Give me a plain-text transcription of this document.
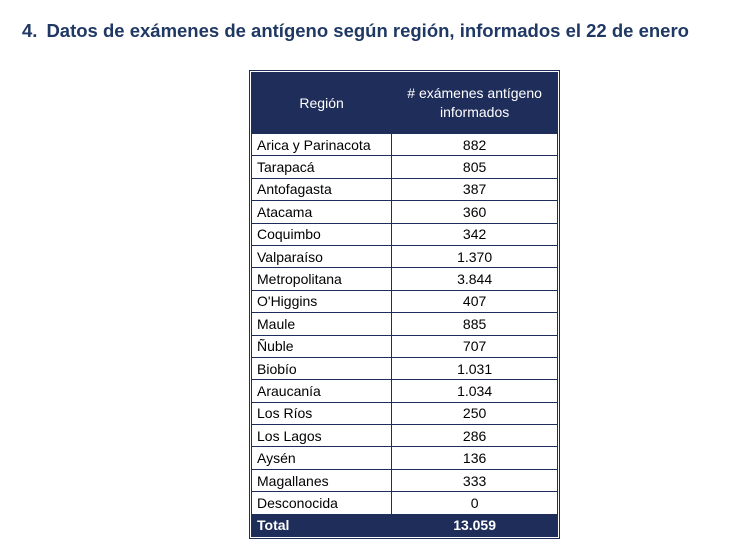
4. Datos de exámenes de antígeno según región, informados el 22 de enero
Región	# exámenes antígeno
informados

Arica y Parinacota	882
Tarapacá	805
Antofagasta	387
Atacama	360
Coquimbo	342
Valparaíso	1.370
Metropolitana	3.844
O'Higgins	407
Maule	885
Ñuble	707
Biobío	1.031
Araucanía	1.034
Los Ríos	250
Los Lagos	286
Aysén	136
Magallanes	333
Desconocida	0
Total	13.059
